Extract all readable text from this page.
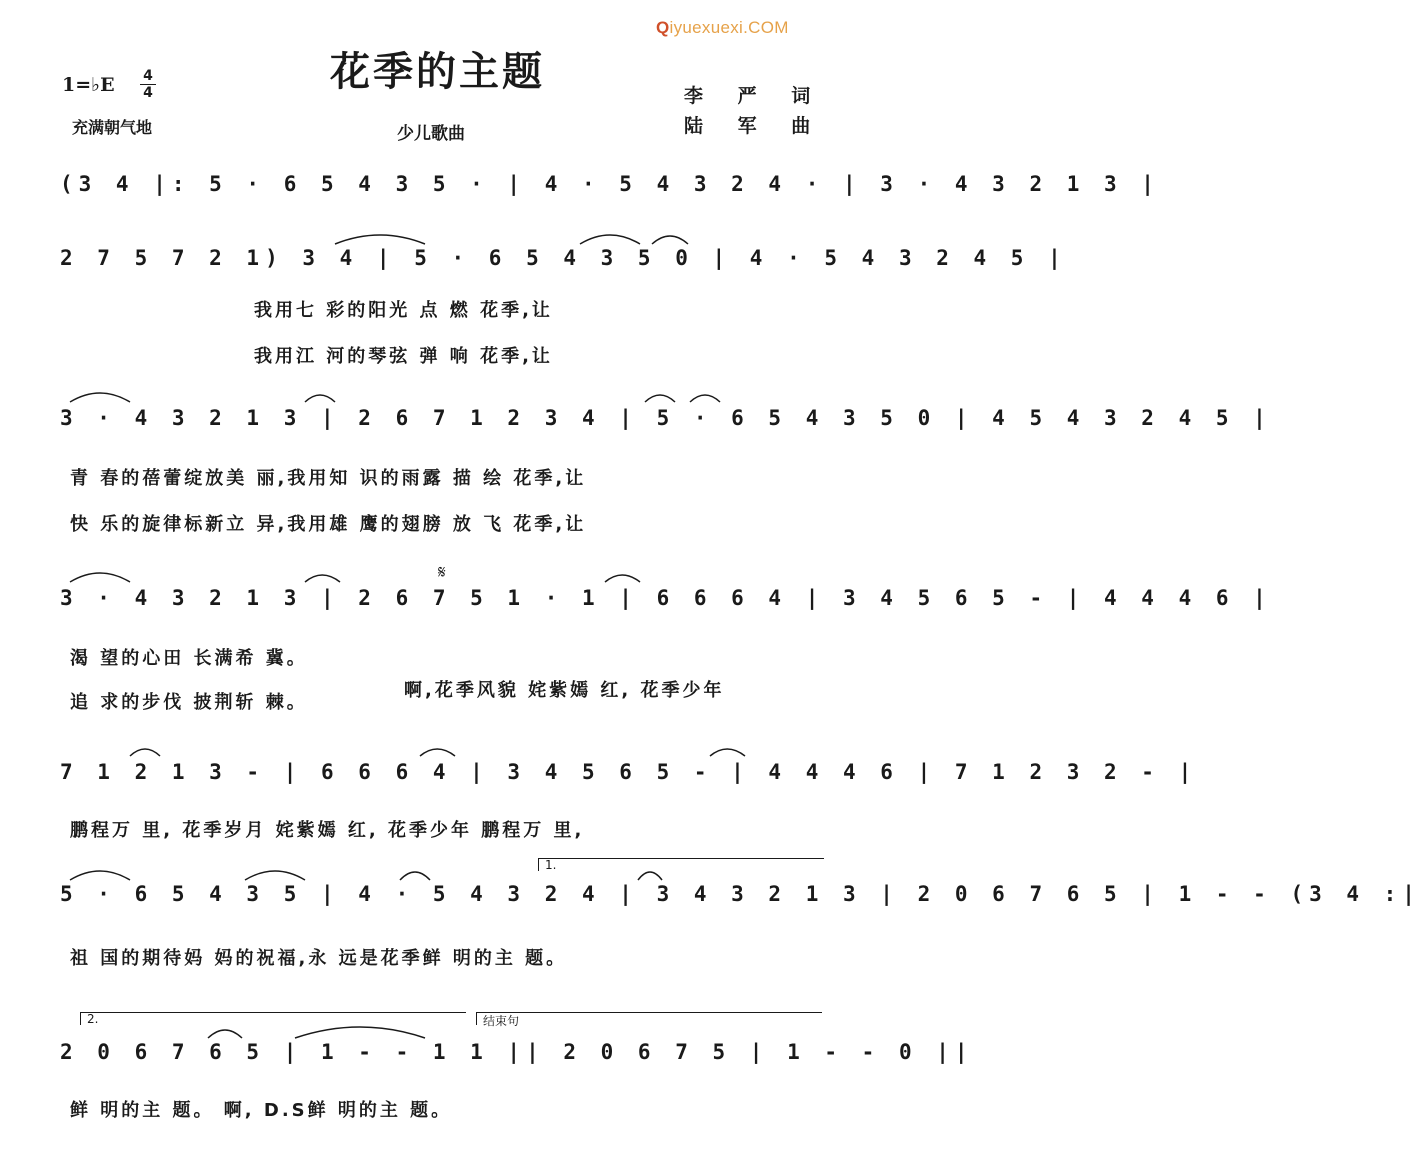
Qiyuexuexi.COM
花季的主题
1=♭E 4
4
充满朝气地	少儿歌曲
李 严 词
陆 军 曲
(3 4 |: 5 · 6 5 4 3 5 · | 4 · 5 4 3 2 4 · | 3 · 4 3 2 1 3 |
2 7 5 7 2 1) 3 4 | 5 · 6 5 4 3 5 0 | 4 · 5 4 3 2 4 5 |
我用七 彩的阳光 点 燃 花季,让
我用江 河的琴弦 弹 响 花季,让
3 · 4 3 2 1 3 | 2 6 7 1 2 3 4 | 5 · 6 5 4 3 5 0 | 4 5 4 3 2 4 5 |
青 春的蓓蕾绽放美 丽,我用知 识的雨露 描 绘 花季,让
快 乐的旋律标新立 异,我用雄 鹰的翅膀 放 飞 花季,让
𝄋
3 · 4 3 2 1 3 | 2 6 7 5 1 · 1 | 6 6 6 4 | 3 4 5 6 5 - | 4 4 4 6 |
渴 望的心田 长满希 冀。
追 求的步伐 披荆斩 棘。
啊,花季风貌 姹紫嫣 红, 花季少年
7 1 2 1 3 - | 6 6 6 4 | 3 4 5 6 5 - | 4 4 4 6 | 7 1 2 3 2 - |
鹏程万 里, 花季岁月 姹紫嫣 红, 花季少年 鹏程万 里,
1.
5 · 6 5 4 3 5 | 4 · 5 4 3 2 4 | 3 4 3 2 1 3 | 2 0 6 7 6 5 | 1 - - (3 4 :|
祖 国的期待妈 妈的祝福,永 远是花季鲜 明的主 题。
2.	结束句
2 0 6 7 6 5 | 1 - - 1 1 || 2 0 6 7 5 | 1 - - 0 ||
鲜 明的主 题。 啊, D.S鲜 明的主 题。
